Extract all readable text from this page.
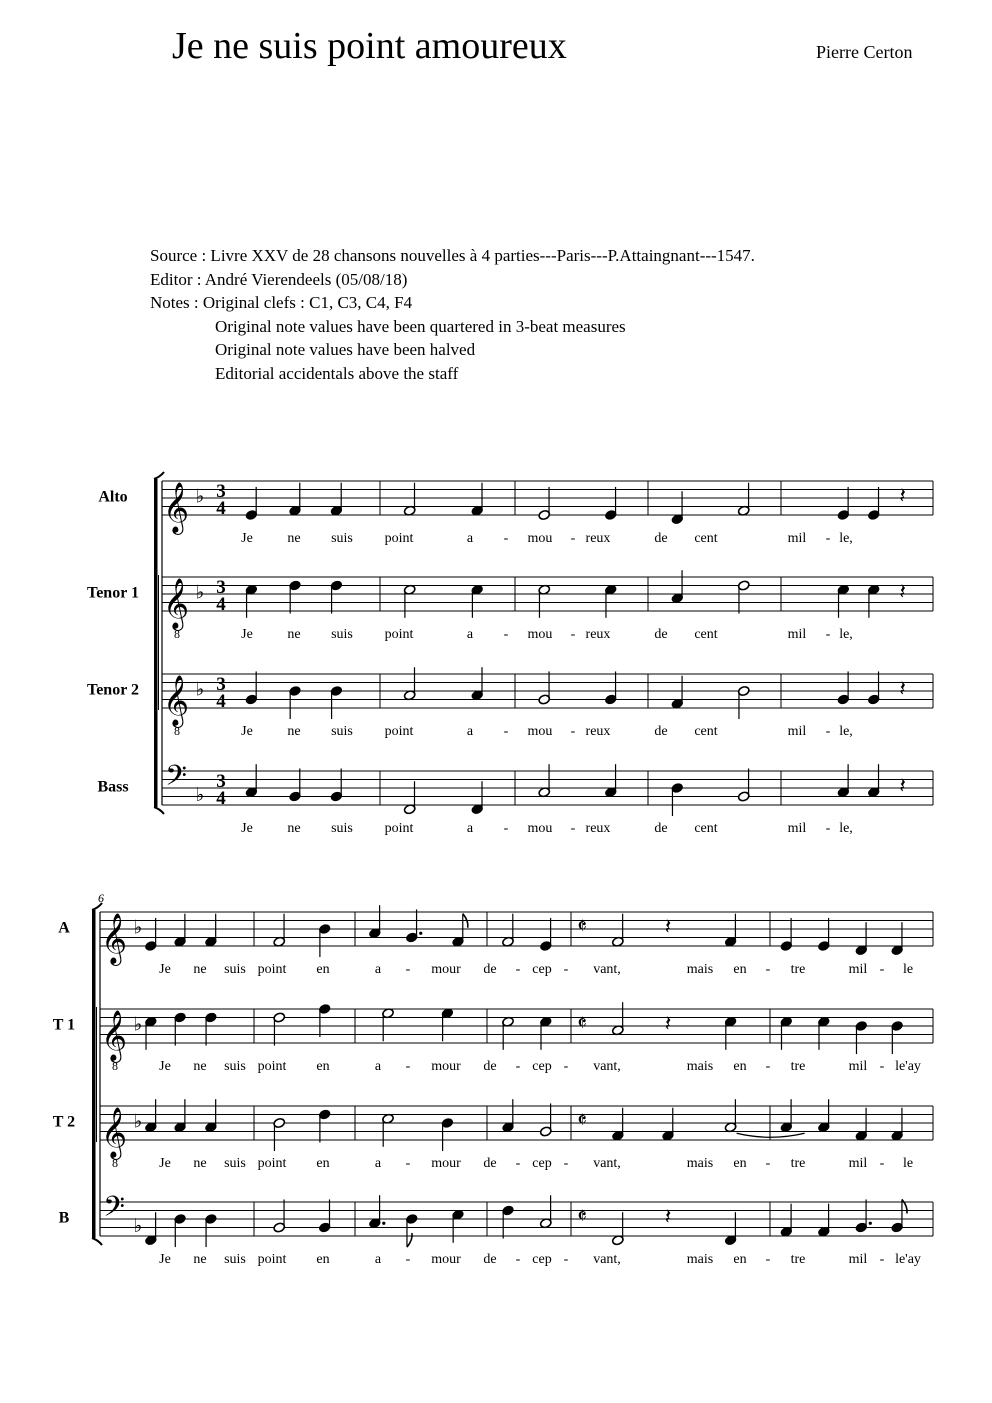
Je ne suis point amoureux	Pierre Certon
Source : Livre XXV de 28 chansons nouvelles à 4 parties---Paris---P.Attaingnant---1547.
Editor : André Vierendeels (05/08/18)
Notes : Original clefs : C1, C3, C4, F4
Original note values have been quartered in 3-beat measures
Original note values have been halved
Editorial accidentals above the staff
Alto 𝄞 ♭ 3
4	𝄽
Je ne suis point	a - mou - reux	de cent	mil - le,
Tenor 1 𝄞
8
♭ 3
4	𝄽
Je ne suis point	a - mou - reux	de cent	mil - le,
Tenor 2 𝄞
8
♭ 3
4	𝄽
Je ne suis point	a - mou - reux	de cent	mil - le,
Bass 𝄢 ♭
3
4	𝄽
Je ne suis point	a - mou - reux	de cent	mil - le,
A 𝄞 ♭	𝄵	𝄽
Je ne suis point en	a - mour de - cep - vant,	mais en - tre	mil - le
T 1 𝄞
8
♭	𝄵	𝄽
Je ne suis point en	a - mour de - cep - vant,	mais en - tre	mil - le'ay
T 2 𝄞
8
♭	𝄵
Je ne suis point en	a - mour de - cep - vant,	mais en - tre	mil - le
B 𝄢 ♭	𝄵	𝄽
Je ne suis point en	a - mour de - cep - vant,	mais en - tre	mil - le'ay
6
